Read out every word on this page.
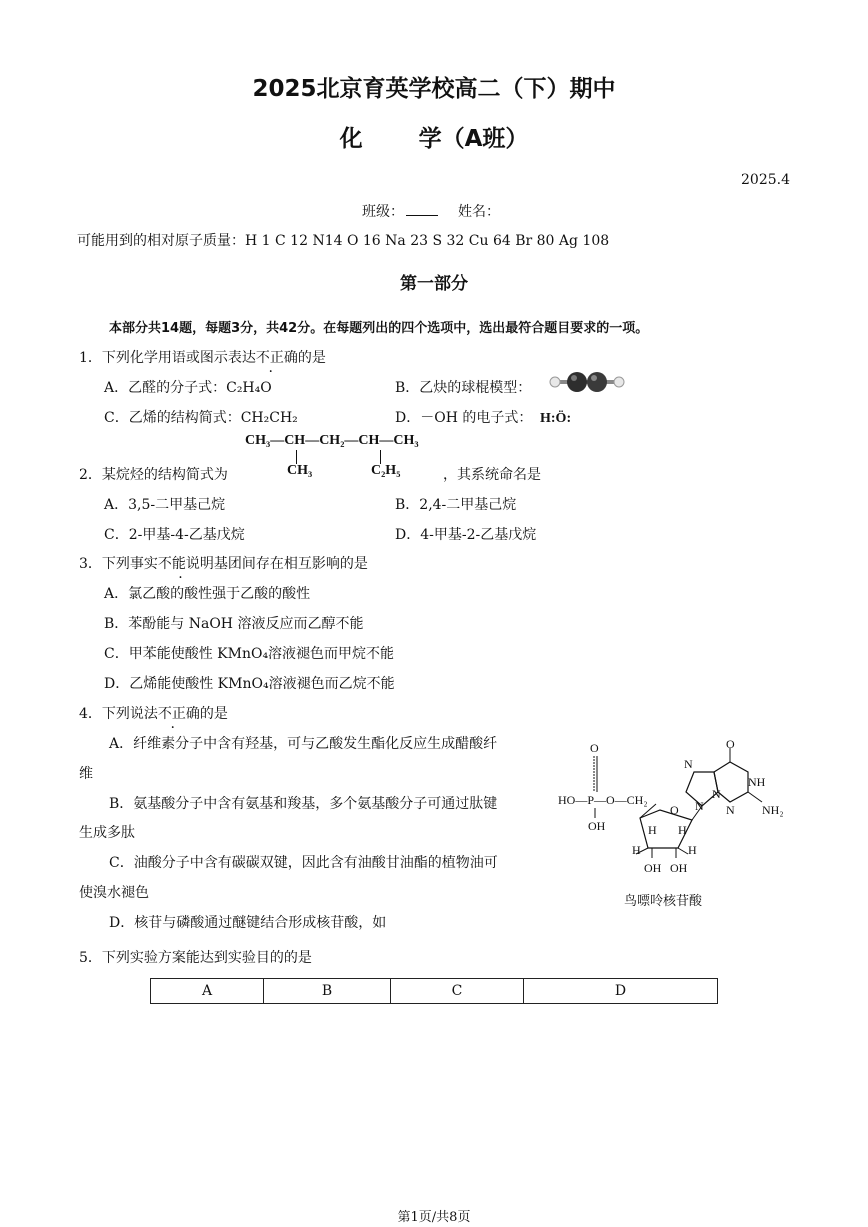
2025北京育英学校高二（下）期中
化 学（A班）
2025.4
班级：	姓名：
可能用到的相对原子质量：H 1 C 12 N14 O 16 Na 23 S 32 Cu 64 Br 80 Ag 108
第一部分
本部分共14题，每题3分，共42分。在每题列出的四个选项中，选出最符合题目要求的一项。
1．下列化学用语或图示表达不正确的是
A．乙醛的分子式：C₂H₄O	B．乙炔的球棍模型：
C．乙烯的结构简式：CH₂CH₂	D．－OH 的电子式： H:Ö:
CH₃—CH—CH₂—CH—CH₃
CH₃	C₂H₅
2．某烷烃的结构简式为	，其系统命名是
A．3,5-二甲基己烷	B．2,4-二甲基己烷
C．2-甲基-4-乙基戊烷	D．4-甲基-2-乙基戊烷
3．下列事实不能说明基团间存在相互影响的是
A．氯乙酸的酸性强于乙酸的酸性
B．苯酚能与 NaOH 溶液反应而乙醇不能
C．甲苯能使酸性 KMnO₄溶液褪色而甲烷不能
D．乙烯能使酸性 KMnO₄溶液褪色而乙烷不能
4．下列说法不正确的是
A．纤维素分子中含有羟基，可与乙酸发生酯化反应生成醋酸纤
维
B．氨基酸分子中含有氨基和羧基，多个氨基酸分子可通过肽键
生成多肽
C．油酸分子中含有碳碳双键，因此含有油酸甘油酯的植物油可
使溴水褪色
D．核苷与磷酸通过醚键结合形成核苷酸，如
O
HO—P—O—CH₂
OH
O
H H
H	H
OH OH
N
N
N
O
NH
NH₂
N
鸟嘌呤核苷酸
5．下列实验方案能达到实验目的的是
A	B	C	D
第1页/共8页
